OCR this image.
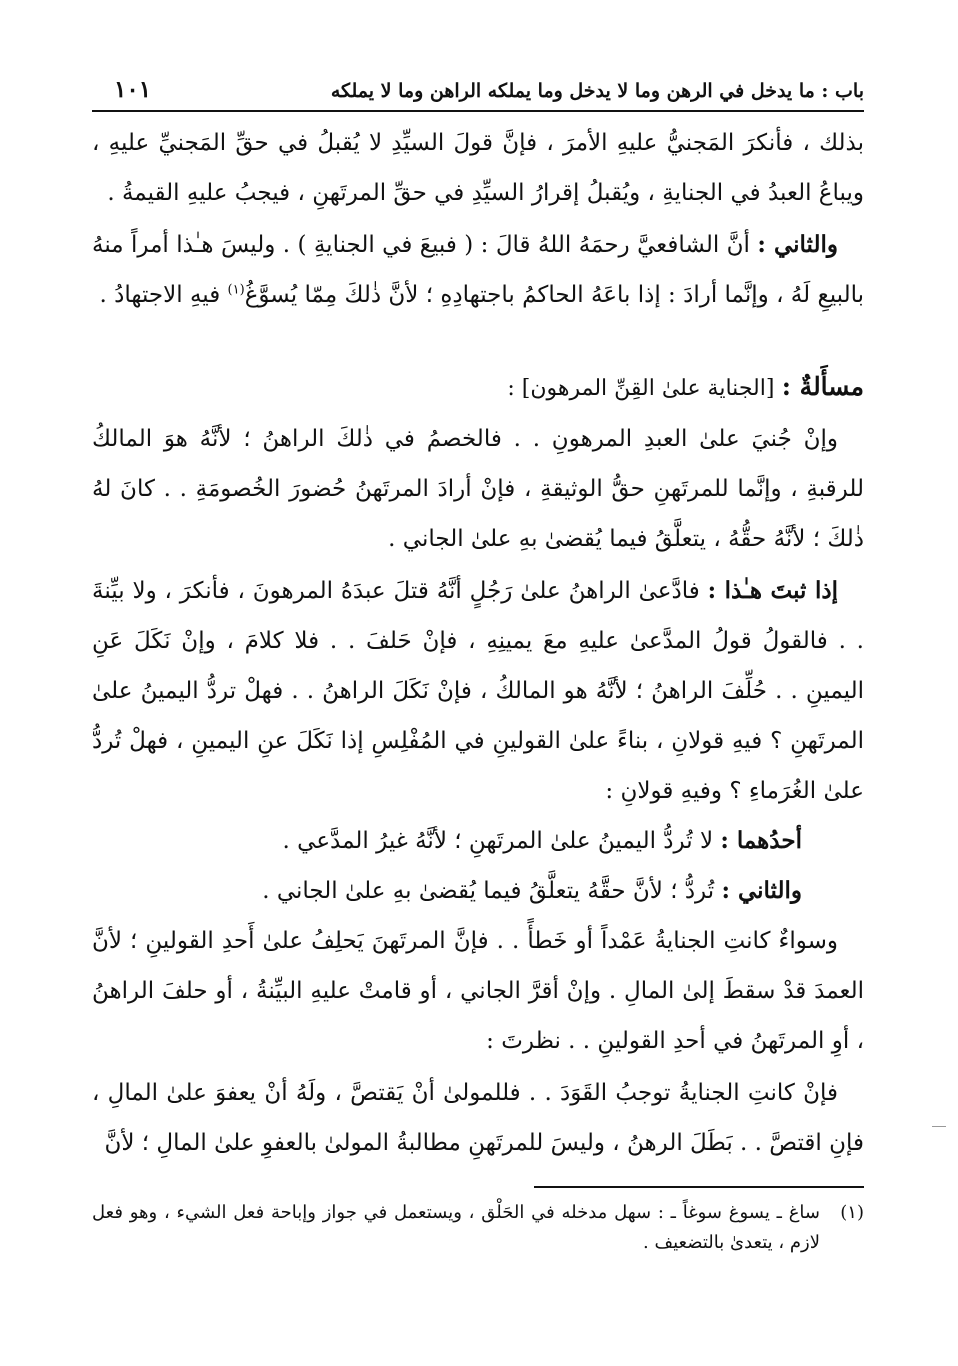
باب : ما يدخل في الرهن وما لا يدخل وما يملكه الراهن وما لا يملكه
١٠١

بذلك ، فأنكرَ المَجنيُّ عليهِ الأمرَ ، فإنَّ قولَ السيِّدِ لا يُقبلُ في حقِّ المَجنيِّ عليهِ ، ويباعُ العبدُ في الجنايةِ ، ويُقبلُ إقرارُ السيِّدِ في حقِّ المرتَهنِ ، فيجبُ عليهِ القيمةُ .

والثاني : أنَّ الشافعيَّ رحمَهُ اللهُ قالَ : ( فبيعَ في الجنايةِ ) . وليسَ هـٰذا أمراً منهُ بالبيعِ لَهُ ، وإنَّما أرادَ : إذا باعَهُ الحاكمُ باجتهادِهِ ؛ لأنَّ ذٰلكَ مِمّا يُسوَّغُ$^{(١)}$ فيهِ الاجتهادُ .

مسأَلةٌ : [الجناية علىٰ القِنِّ المرهون] :

وإنْ جُنيَ علىٰ العبدِ المرهونِ . . فالخصمُ في ذٰلكَ الراهنُ ؛ لأنَّهُ هوَ المالكُ للرقبةِ ، وإنَّما للمرتَهنِ حقُّ الوثيقةِ ، فإنْ أرادَ المرتَهنُ حُضورَ الخُصومَةِ . . كانَ لهُ ذٰلكَ ؛ لأنَّهُ حقُّهُ ، يتعلَّقُ فيما يُقضىٰ بهِ علىٰ الجاني .

إذا ثبتَ هـٰذا : فادَّعىٰ الراهنُ علىٰ رَجُلٍ أنَّهُ قتلَ عبدَهُ المرهونَ ، فأنكرَ ، ولا بيِّنةَ . . فالقولُ قولُ المدَّعىٰ عليهِ معَ يمينِهِ ، فإنْ حَلفَ . . فلا كلامَ ، وإنْ نَكَلَ عَنِ اليمينِ . . حُلِّفَ الراهنُ ؛ لأنَّهُ هو المالكُ ، فإنْ نَكَلَ الراهنُ . . فهلْ تردُّ اليمينُ علىٰ المرتَهنِ ؟ فيهِ قولانِ ، بناءً علىٰ القولينِ في المُفْلِسِ إذا نَكَلَ عنِ اليمينِ ، فهلْ تُردُّ علىٰ الغُرَماءِ ؟ وفيهِ قولانِ :

أحدُهما : لا تُردُّ اليمينُ علىٰ المرتَهنِ ؛ لأنَّهُ غيرُ المدَّعي .

والثاني : تُردُّ ؛ لأنَّ حقَّهُ يتعلَّقُ فيما يُقضىٰ بهِ علىٰ الجاني .

وسواءٌ كانتِ الجنايةُ عَمْداً أو خَطأً . . فإنَّ المرتَهنَ يَحلِفُ علىٰ أَحدِ القولينِ ؛ لأنَّ العمدَ قدْ سقطَ إلىٰ المالِ . وإنْ أقرَّ الجاني ، أو قامتْ عليهِ البيِّنةُ ، أو حلفَ الراهنُ ، أوِ المرتَهنُ في أحدِ القولينِ . . نظرتَ :

فإنْ كانتِ الجنايةُ توجبُ القَوَدَ . . فللمولىٰ أنْ يَقتصَّ ، ولَهُ أنْ يعفوَ علىٰ المالِ ، فإنِ اقتصَّ . . بَطَلَ الرهنُ ، وليسَ للمرتَهنِ مطالبةُ المولىٰ بالعفوِ علىٰ المالِ ؛ لأنَّ

(١)
ساغ ـ يسوغ سوغاً ـ : سهل مدخله في الحَلْق ، ويستعمل في جواز وإباحة فعل الشيء ، وهو فعل لازم ، يتعدىٰ بالتضعيف .
